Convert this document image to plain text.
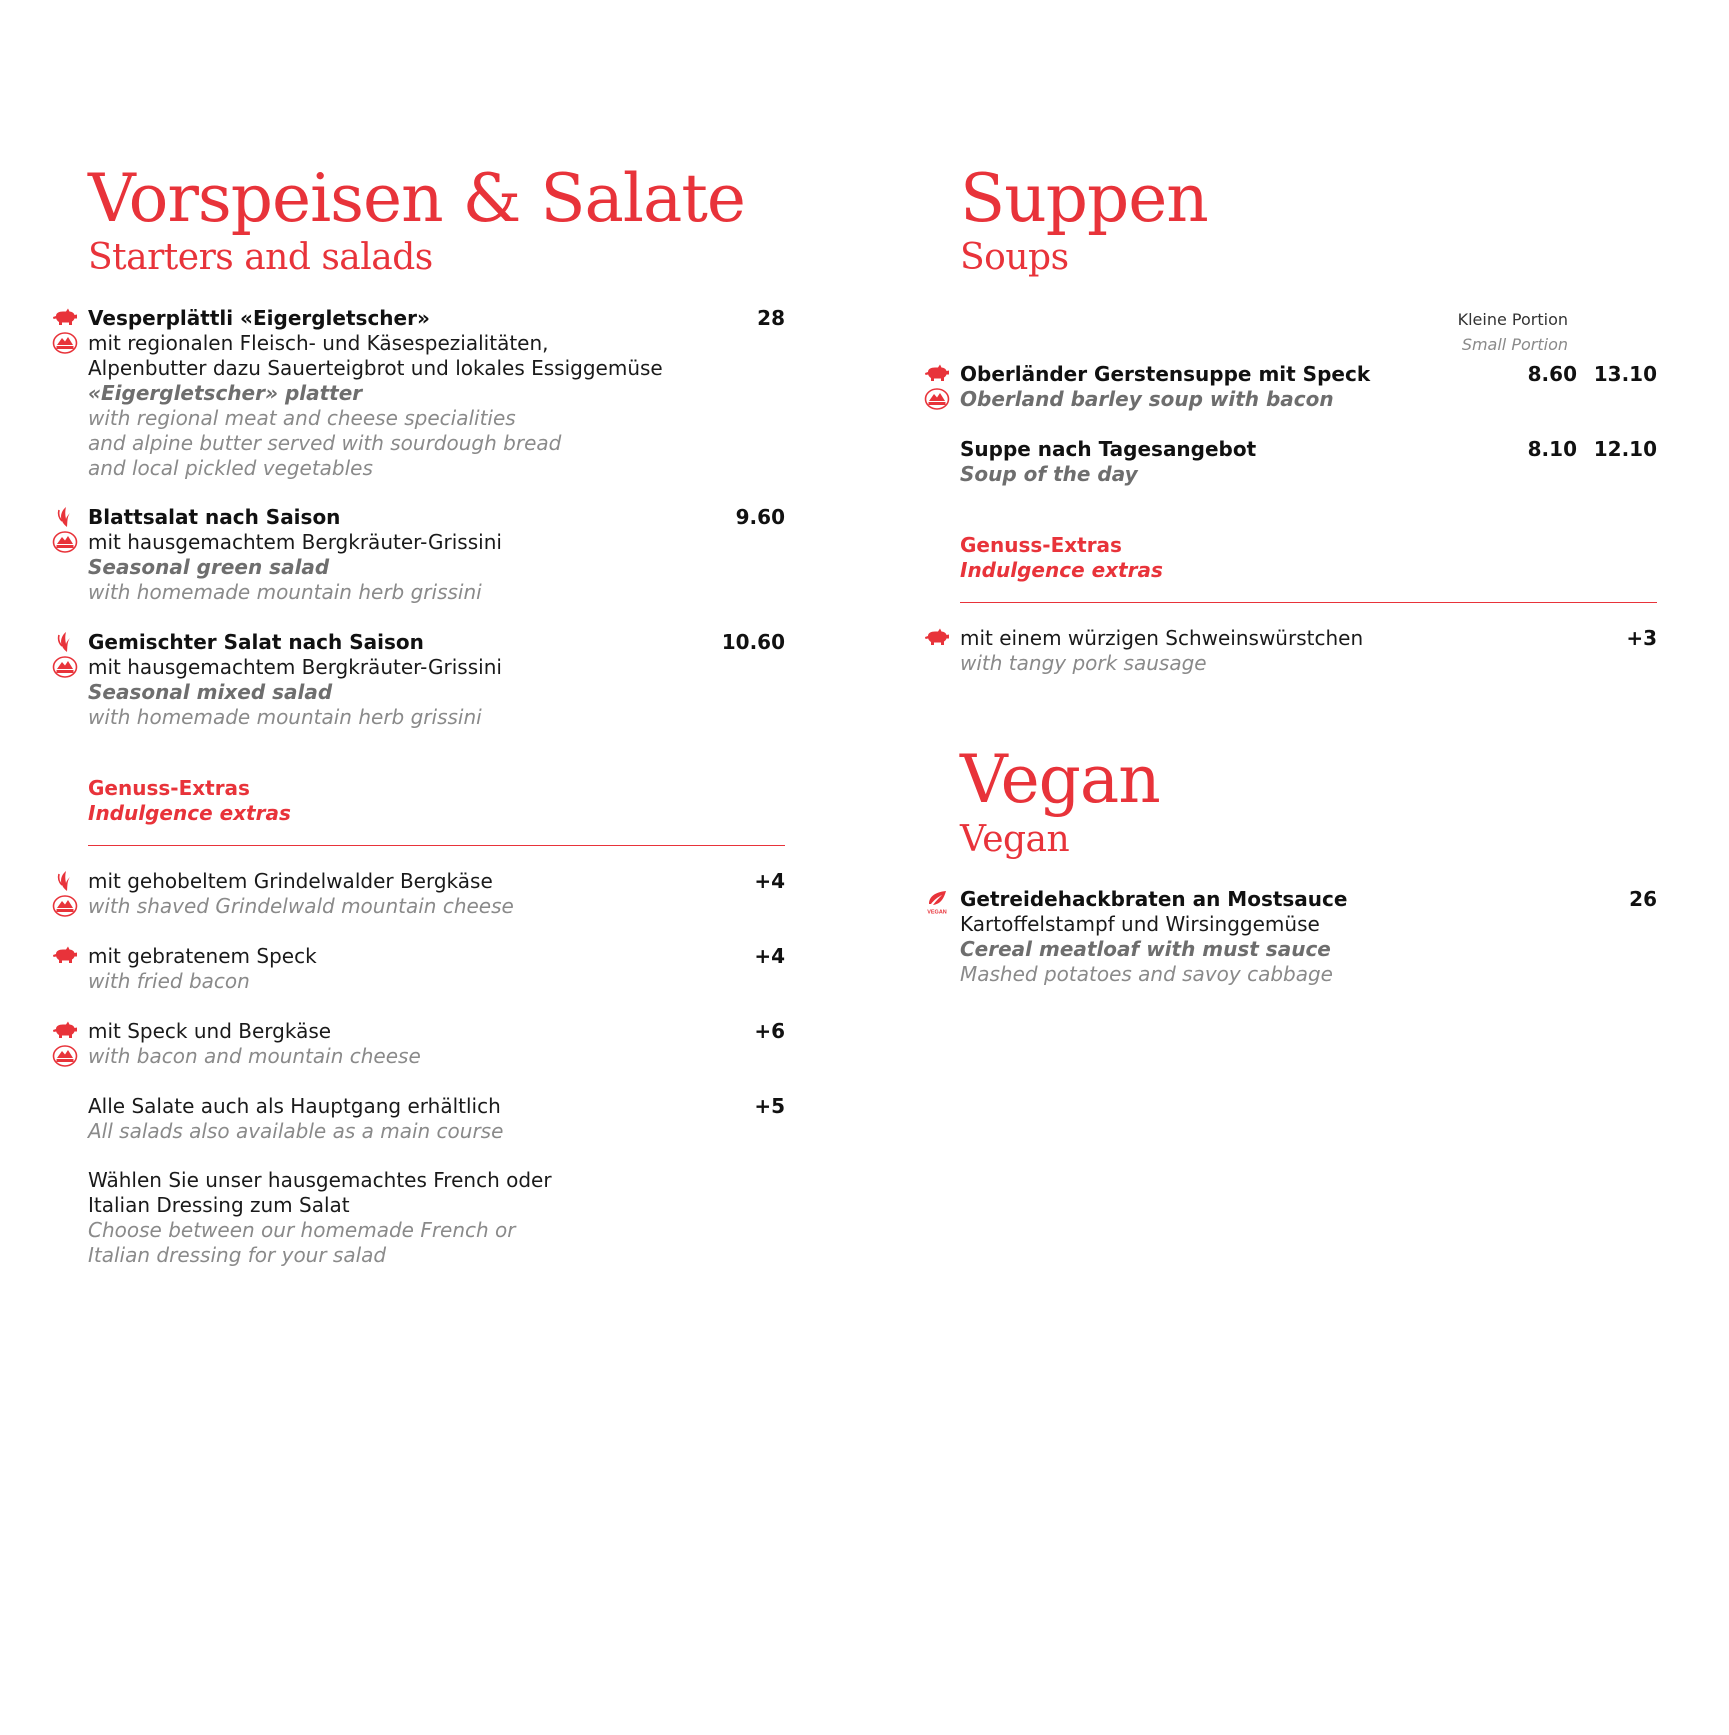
Vorspeisen & Salate
Starters and salads
Vesperplättli «Eigergletscher»
mit regionalen Fleisch- und Käsespezialitäten,
Alpenbutter dazu Sauerteigbrot und lokales Essiggemüse
«Eigergletscher» platter
with regional meat and cheese specialities
and alpine butter served with sourdough bread
and local pickled vegetables
28
Blattsalat nach Saison
mit hausgemachtem Bergkräuter-Grissini
Seasonal green salad
with homemade mountain herb grissini
9.60
Gemischter Salat nach Saison
mit hausgemachtem Bergkräuter-Grissini
Seasonal mixed salad
with homemade mountain herb grissini
10.60
Genuss-Extras
Indulgence extras
mit gehobeltem Grindelwalder Bergkäse
with shaved Grindelwald mountain cheese
+4
mit gebratenem Speck
with fried bacon
+4
mit Speck und Bergkäse
with bacon and mountain cheese
+6
Alle Salate auch als Hauptgang erhältlich
All salads also available as a main course
+5
Wählen Sie unser hausgemachtes French oder
Italian Dressing zum Salat
Choose between our homemade French or
Italian dressing for your salad
Suppen
Soups
Kleine Portion
Small Portion
Oberländer Gerstensuppe mit Speck
Oberland barley soup with bacon
8.60 13.10
Suppe nach Tagesangebot
Soup of the day
8.10 12.10
Genuss-Extras
Indulgence extras
mit einem würzigen Schweinswürstchen
with tangy pork sausage
+3
Vegan
Vegan
Getreidehackbraten an Mostsauce
Kartoffelstampf und Wirsinggemüse
Cereal meatloaf with must sauce
Mashed potatoes and savoy cabbage
26
